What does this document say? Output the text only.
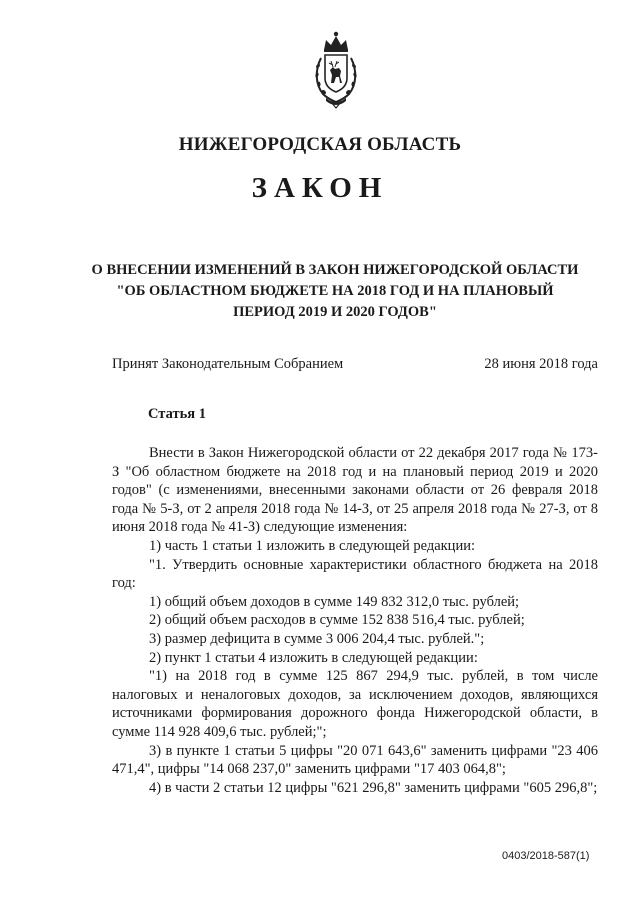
НИЖЕГОРОДСКАЯ ОБЛАСТЬ
ЗАКОН

О ВНЕСЕНИИ ИЗМЕНЕНИЙ В ЗАКОН НИЖЕГОРОДСКОЙ ОБЛАСТИ "ОБ ОБЛАСТНОМ БЮДЖЕТЕ НА 2018 ГОД И НА ПЛАНОВЫЙ ПЕРИОД 2019 И 2020 ГОДОВ"

Принят Законодательным Собранием	28 июня 2018 года
Статья 1

Внести в Закон Нижегородской области от 22 декабря 2017 года № 173-З "Об областном бюджете на 2018 год и на плановый период 2019 и 2020 годов" (с изменениями, внесенными законами области от 26 февраля 2018 года № 5-З, от 2 апреля 2018 года № 14-З, от 25 апреля 2018 года № 27-З, от 8 июня 2018 года № 41-З) следующие изменения:

1) часть 1 статьи 1 изложить в следующей редакции:

"1. Утвердить основные характеристики областного бюджета на 2018 год:

1) общий объем доходов в сумме 149 832 312,0 тыс. рублей;

2) общий объем расходов в сумме 152 838 516,4 тыс. рублей;

3) размер дефицита в сумме 3 006 204,4 тыс. рублей.";

2) пункт 1 статьи 4 изложить в следующей редакции:

"1) на 2018 год в сумме 125 867 294,9 тыс. рублей, в том числе налоговых и неналоговых доходов, за исключением доходов, являющихся источниками формирования дорожного фонда Нижегородской области, в сумме 114 928 409,6 тыс. рублей;";

3) в пункте 1 статьи 5 цифры "20 071 643,6" заменить цифрами "23 406 471,4", цифры "14 068 237,0" заменить цифрами "17 403 064,8";

4) в части 2 статьи 12 цифры "621 296,8" заменить цифрами "605 296,8";

0403/2018-587(1)
